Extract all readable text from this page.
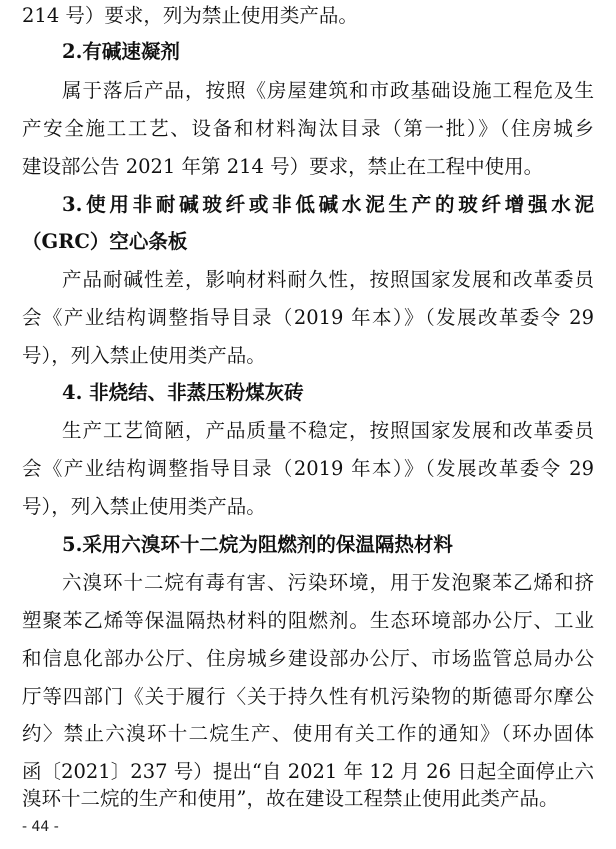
214 号）要求，列为禁止使用类产品。
2.有碱速凝剂
属于落后产品，按照《房屋建筑和市政基础设施工程危及生
产安全施工工艺、设备和材料淘汰目录（第一批）》（住房城乡
建设部公告 2021 年第 214 号）要求，禁止在工程中使用。
3.使用非耐碱玻纤或非低碱水泥生产的玻纤增强水泥
（GRC）空心条板
产品耐碱性差，影响材料耐久性，按照国家发展和改革委员
会《产业结构调整指导目录（2019 年本）》（发展改革委令 29
号），列入禁止使用类产品。
4. 非烧结、非蒸压粉煤灰砖
生产工艺简陋，产品质量不稳定，按照国家发展和改革委员
会《产业结构调整指导目录（2019 年本）》（发展改革委令 29
号），列入禁止使用类产品。
5.采用六溴环十二烷为阻燃剂的保温隔热材料
六溴环十二烷有毒有害、污染环境，用于发泡聚苯乙烯和挤
塑聚苯乙烯等保温隔热材料的阻燃剂。生态环境部办公厅、工业
和信息化部办公厅、住房城乡建设部办公厅、市场监管总局办公
厅等四部门《关于履行〈关于持久性有机污染物的斯德哥尔摩公
约〉禁止六溴环十二烷生产、使用有关工作的通知》（环办固体
函〔2021〕237 号）提出“自 2021 年 12 月 26 日起全面停止六
溴环十二烷的生产和使用”，故在建设工程禁止使用此类产品。
- 44 -
